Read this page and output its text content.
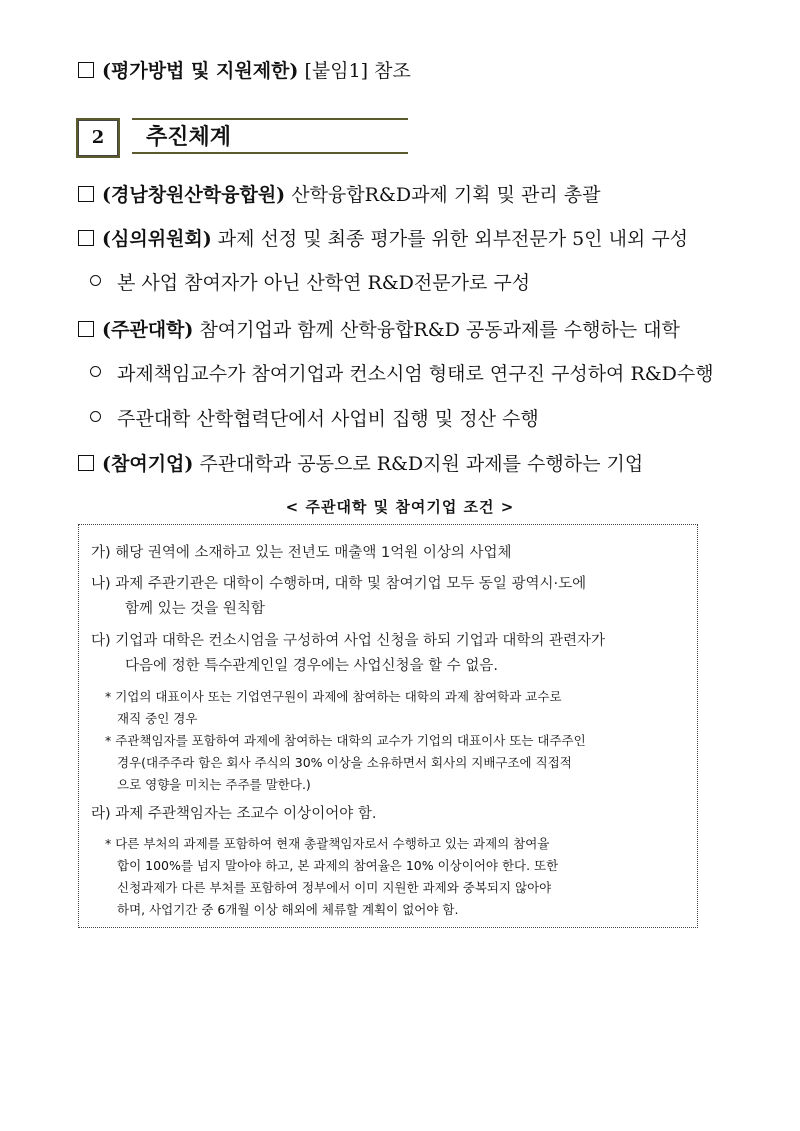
(평가방법 및 지원제한) [붙임1] 참조
2	추진체계
(경남창원산학융합원) 산학융합R&D과제 기획 및 관리 총괄
(심의위원회) 과제 선정 및 최종 평가를 위한 외부전문가 5인 내외 구성
본 사업 참여자가 아닌 산학연 R&D전문가로 구성
(주관대학) 참여기업과 함께 산학융합R&D 공동과제를 수행하는 대학
과제책임교수가 참여기업과 컨소시엄 형태로 연구진 구성하여 R&D수행
주관대학 산학협력단에서 사업비 집행 및 정산 수행
(참여기업) 주관대학과 공동으로 R&D지원 과제를 수행하는 기업
< 주관대학 및 참여기업 조건 >
가) 해당 권역에 소재하고 있는 전년도 매출액 1억원 이상의 사업체
나) 과제 주관기관은 대학이 수행하며, 대학 및 참여기업 모두 동일 광역시·도에
함께 있는 것을 원칙함
다) 기업과 대학은 컨소시엄을 구성하여 사업 신청을 하되 기업과 대학의 관련자가
다음에 정한 특수관계인일 경우에는 사업신청을 할 수 없음.
* 기업의 대표이사 또는 기업연구원이 과제에 참여하는 대학의 과제 참여학과 교수로
재직 중인 경우
* 주관책임자를 포함하여 과제에 참여하는 대학의 교수가 기업의 대표이사 또는 대주주인
경우(대주주라 함은 회사 주식의 30% 이상을 소유하면서 회사의 지배구조에 직접적
으로 영향을 미치는 주주를 말한다.)
라) 과제 주관책임자는 조교수 이상이어야 함.
* 다른 부처의 과제를 포함하여 현재 총괄책임자로서 수행하고 있는 과제의 참여율
합이 100%를 넘지 말아야 하고, 본 과제의 참여율은 10% 이상이어야 한다. 또한
신청과제가 다른 부처를 포함하여 정부에서 이미 지원한 과제와 중복되지 않아야
하며, 사업기간 중 6개월 이상 해외에 체류할 계획이 없어야 함.
